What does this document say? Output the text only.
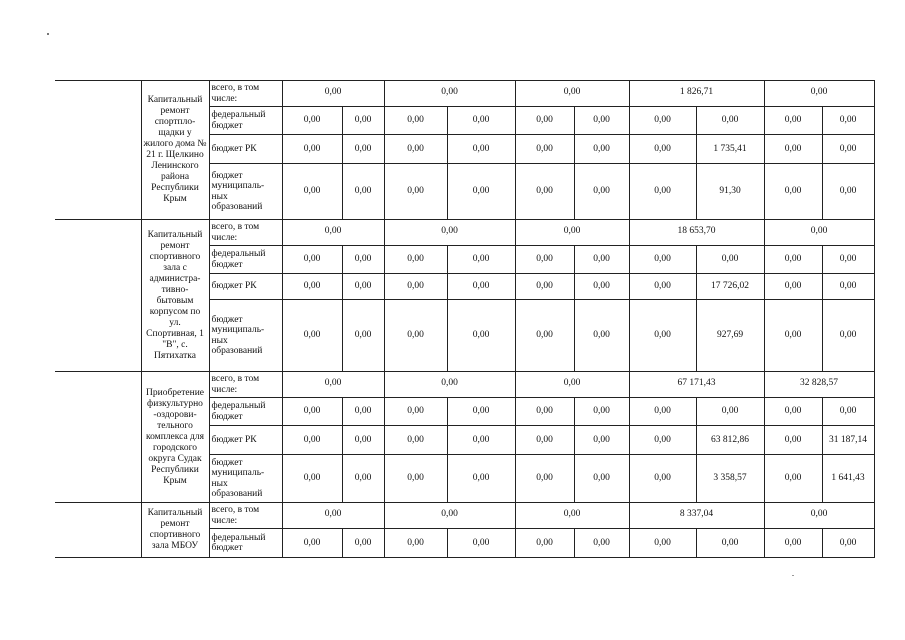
	Капитальный ремонт спортпло-щадки у жилого дома № 21 г. Щелкино Ленинского района Республики Крым	всего, в том числе:	0,00		0,00		0,00		1 826,71		0,00	
		федеральный бюджет	0,00	0,00	0,00	0,00	0,00	0,00	0,00	0,00	0,00	0,00
		бюджет РК	0,00	0,00	0,00	0,00	0,00	0,00	0,00	1 735,41	0,00	0,00
		бюджет муниципаль-ных образований	0,00	0,00	0,00	0,00	0,00	0,00	0,00	91,30	0,00	0,00
	Капитальный ремонт спортивного зала с администра-тивно-бытовым корпусом по ул. Спортивная, 1 "В", с. Пятихатка	всего, в том числе:	0,00		0,00		0,00		18 653,70		0,00	
		федеральный бюджет	0,00	0,00	0,00	0,00	0,00	0,00	0,00	0,00	0,00	0,00
		бюджет РК	0,00	0,00	0,00	0,00	0,00	0,00	0,00	17 726,02	0,00	0,00
		бюджет муниципаль-ных образований	0,00	0,00	0,00	0,00	0,00	0,00	0,00	927,69	0,00	0,00
	Приобретение физкультурно -оздорови-тельного комплекса для городского округа Судак Республики Крым	всего, в том числе:	0,00		0,00		0,00		67 171,43		32 828,57	
		федеральный бюджет	0,00	0,00	0,00	0,00	0,00	0,00	0,00	0,00	0,00	0,00
		бюджет РК	0,00	0,00	0,00	0,00	0,00	0,00	0,00	63 812,86	0,00	31 187,14
		бюджет муниципаль-ных образований	0,00	0,00	0,00	0,00	0,00	0,00	0,00	3 358,57	0,00	1 641,43
	Капитальный ремонт спортивного зала МБОУ	всего, в том числе:	0,00		0,00		0,00		8 337,04		0,00	
		федеральный бюджет	0,00	0,00	0,00	0,00	0,00	0,00	0,00	0,00	0,00	0,00
